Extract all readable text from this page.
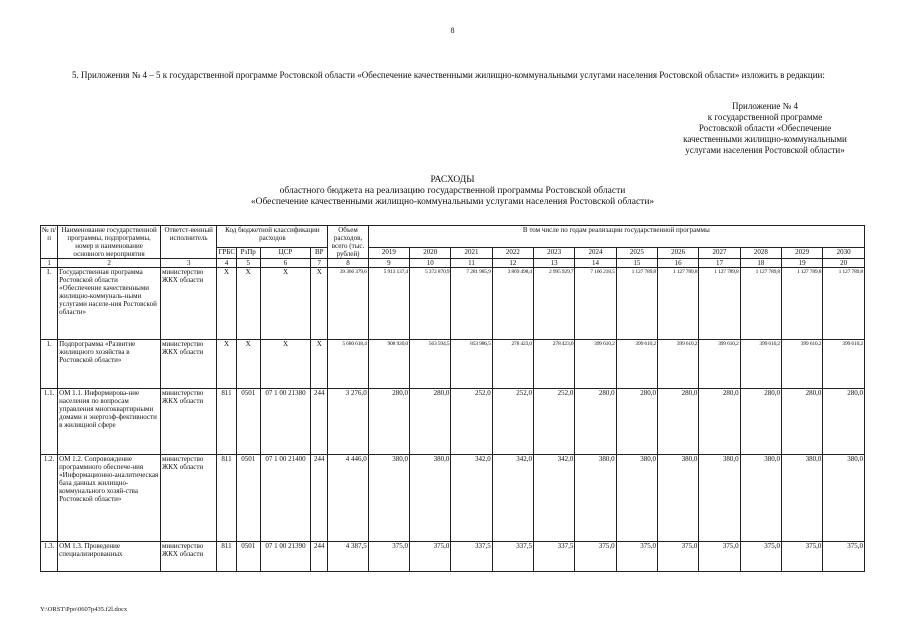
8

5. Приложения № 4 – 5 к государственной программе Ростовской области «Обеспечение качественными жилищно-коммунальными услугами населения Ростовской области» изложить в редакции:

Приложение № 4
к государственной программе
Ростовской области «Обеспечение
качественными жилищно-коммунальными
услугами населения Ростовской области»
РАСХОДЫ
областного бюджета на реализацию государственной программы Ростовской области
«Обеспечение качественными жилищно-коммунальными услугами населения Ростовской области»
№ п/п	Наименование государственной программы, подпрограммы, номер и наименование основного мероприятия	Ответст-венный исполнитель	Код бюджетной классификации расходов				Объем расходов, всего (тыс. рублей)	В том числе по годам реализации государственной программы											
			ГРБС	РзПр	ЦСР	ВР		2019	2020	2021	2022	2023	2024	2025	2026	2027	2028	2029	2030
1	2	3	4	5	6	7	8	9	10	11	12	13	14	15	16	17	18	19	20
I.	Государственная программа Ростовской области «Обеспечение качественными жилищно-коммуналь-ными услугами населе-ния Ростовской области»	министерство ЖКХ области	X	X	X	X	39 366 379,6	5 913 137,4	5 372 870,9	7 281 985,9	3 869 498,4	2 995 929,7	7 166 218,5	1 127 789,8	1 127 789,8	1 127 789,8	1 127 789,8	1 127 789,8	1 127 789,8
1.	Подпрограмма «Развитие жилищного хозяйства в Ростовской области»	министерство ЖКХ области	X	X	X	X	5 680 618,4	908 920,0	563 594,5	853 986,5	278 423,0	278 423,0	399 610,2	399 610,2	399 610,2	399 610,2	399 610,2	399 610,2	399 610,2
1.1.	ОМ 1.1. Информирова-ние населения по вопросам управления многоквартирными домами и энергоэф-фективности в жилищной сфере	министерство ЖКХ области	811	0501	07 1 00 21380	244	3 276,0	280,0	280,0	252,0	252,0	252,0	280,0	280,0	280,0	280,0	280,0	280,0	280,0
1.2.	ОМ 1.2. Сопровождение программного обеспече-ния «Информационно-аналитическая база данных жилищно-коммунального хозяй-ства Ростовской области»	министерство ЖКХ области	811	0501	07 1 00 21400	244	4 446,0	380,0	380,0	342,0	342,0	342,0	380,0	380,0	380,0	380,0	380,0	380,0	380,0
1.3.	ОМ 1.3. Проведение специализированных	министерство ЖКХ области	811	0501	07 1 00 21390	244	4 387,5	375,0	375,0	337,5	337,5	337,5	375,0	375,0	375,0	375,0	375,0	375,0	375,0
Y:\ORST\Ppo\0607p435.f2l.docx
